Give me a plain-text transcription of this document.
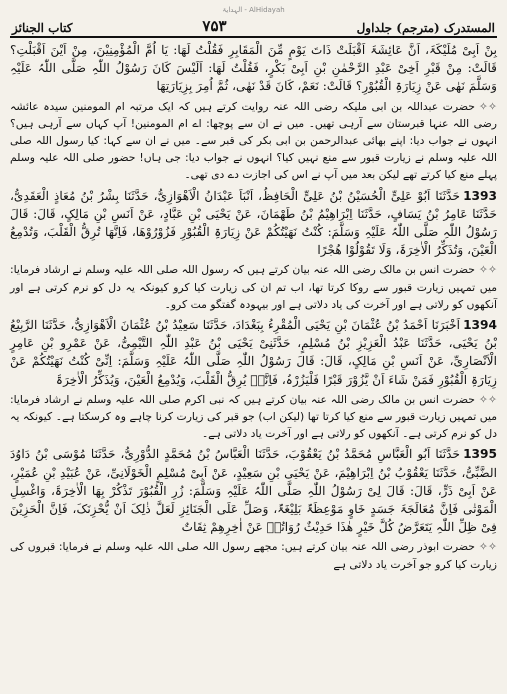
الہدایۃ - AlHidayah
کتاب الجنائز	۷۵۳	المستدرک (مترجم) جلداول

بِنْ اَبِیْ مُلَیْکَۃَ، اَنَّ عَائِشَۃَ اَقْبَلَتْ ذَاتَ یَوْمٍ مِّنَ الْمَقَابِرِ فَقُلْتُ لَھَا: یَا اُمَّ الْمُؤْمِنِیْنَ، مِنْ اَیْنَ اَقْبَلْتِ؟ قَالَتْ: مِنْ قَبْرِ اَخِیْ عَبْدِ الرَّحْمٰنِ بْنِ اَبِیْ بَکْرٍ، فَقُلْتُ لَھَا: اَلَیْسَ کَانَ رَسُوْلُ اللّٰہِ صَلَّی اللّٰہُ عَلَیْہِ وَسَلَّمَ نَھٰی عَنْ زِیَارَۃِ الْقُبُوْرِ؟ قَالَتْ: نَعَمْ، کَانَ قَدْ نَھٰی، ثُمَّ اُمِرَ بِزِیَارَتِھَا

✧✧حضرت عبداللہ بن ابی ملیکہ رضی اللہ عنہ روایت کرتے ہیں کہ ایک مرتبہ ام المومنین سیدہ عائشہ رضی اللہ عنہا قبرستان سے آرہی تھیں۔ میں نے ان سے پوچھا: اے ام المومنین! آپ کہاں سے آرہی ہیں؟ انہوں نے جواب دیا: اپنے بھائی عبدالرحمن بن ابی بکر کی قبر سے۔ میں نے ان سے کہا: کیا رسول اللہ صلی اللہ علیہ وسلم نے زیارت قبور سے منع نہیں کیا؟ انہوں نے جواب دیا: جی ہاں! حضور صلی اللہ علیہ وسلم پہلے منع کیا کرتے تھے لیکن بعد میں آپ نے اس کی اجازت دے دی تھی۔

1393حَدَّثَنَا اَبُوْ عَلِیٍّ الْحُسَیْنُ بْنُ عَلِیٍّ الْحَافِظُ، اَنْبَاَ عَبْدَانُ الْاَھْوَازِیُّ، حَدَّثَنَا بِشْرُ بْنُ مُعَاذٍ الْعَقَدِیُّ، حَدَّثَنَا عَامِرُ بْنُ یَسَافٍ، حَدَّثَنَا اِبْرَاھِیْمُ بْنُ طَھْمَانَ، عَنْ یَحْیَی بْنِ عَبَّادٍ، عَنْ اَنَسِ بْنِ مَالِکٍ، قَالَ: قَالَ رَسُوْلُ اللّٰہِ صَلَّی اللّٰہُ عَلَیْہِ وَسَلَّمَ: کُنْتُ نَھَیْتُکُمْ عَنْ زِیَارَۃِ الْقُبُوْرِ فَزُوْرُوْھَا، فَاِنَّھَا تُرِقُّ الْقَلْبَ، وَتُدْمِعُ الْعَیْنَ، وَتُذَکِّرُ الْاٰخِرَۃَ، وَلَا تَقُوْلُوْا ھُجْرًا

✧✧حضرت انس بن مالک رضی اللہ عنہ بیان کرتے ہیں کہ رسول اللہ صلی اللہ علیہ وسلم نے ارشاد فرمایا: میں تمہیں زیارت قبور سے روکا کرتا تھا، اب تم ان کی زیارت کیا کرو کیونکہ یہ دل کو نرم کرتی ہے اور آنکھوں کو رلاتی ہے اور آخرت کی یاد دلاتی ہے اور بیہودہ گفتگو مت کرو۔

1394اَخْبَرَنَا اَحْمَدُ بْنُ عُثْمَانَ بْنِ یَحْیَی الْمُقْرِءُ بِبَغْدَادَ، حَدَّثَنَا سَعِیْدُ بْنُ عُثْمَانَ الْاَھْوَازِیُّ، حَدَّثَنَا الرَّبِیْعُ بْنُ یَحْیَی، حَدَّثَنَا عَبْدُ الْعَزِیْزِ بْنُ مُسْلِمٍ، حَدَّثَنِیْ یَحْیَی بْنُ عَبْدِ اللّٰہِ التَّیْمِیُّ، عَنْ عَمْرِو بْنِ عَامِرٍ الْاَنْصَارِیِّ، عَنْ اَنَسِ بْنِ مَالِکٍ، قَالَ: قَالَ رَسُوْلُ اللّٰہِ صَلَّی اللّٰہُ عَلَیْہِ وَسَلَّمَ: اِنِّیْ کُنْتُ نَھَیْتُکُمْ عَنْ زِیَارَۃِ الْقُبُوْرِ فَمَنْ شَاءَ اَنْ یَّزُوْرَ قَبْرًا فَلْیَزُرْہُ، فَاِنَّہٗ یُرِقُّ الْقَلْبَ، وَیُدْمِعُ الْعَیْنَ، وَیُذَکِّرُ الْاٰخِرَۃَ

✧✧حضرت انس بن مالک رضی اللہ عنہ بیان کرتے ہیں کہ نبی اکرم صلی اللہ علیہ وسلم نے ارشاد فرمایا: میں تمہیں زیارت قبور سے منع کیا کرتا تھا (لیکن اب) جو قبر کی زیارت کرنا چاہے وہ کرسکتا ہے۔ کیونکہ یہ دل کو نرم کرتی ہے۔ آنکھوں کو رلاتی ہے اور آخرت یاد دلاتی ہے۔

1395حَدَّثَنَا اَبُو الْعَبَّاسِ مُحَمَّدُ بْنُ یَعْقُوْبَ، حَدَّثَنَا الْعَبَّاسُ بْنُ مُحَمَّدٍ الدُّوْرِیُّ، حَدَّثَنَا مُوْسَی بْنُ دَاوُدَ الضَّبِّیُّ، حَدَّثَنَا یَعْقُوْبُ بْنُ اِبْرَاھِیْمَ، عَنْ یَحْیَی بْنِ سَعِیْدٍ، عَنْ اَبِیْ مُسْلِمٍ الْخَوْلَانِیِّ، عَنْ عُبَیْدِ بْنِ عُمَیْرٍ، عَنْ اَبِیْ ذَرٍّ، قَالَ: قَالَ لِیْ رَسُوْلُ اللّٰہِ صَلَّی اللّٰہُ عَلَیْہِ وَسَلَّمَ: زُرِ الْقُبُوْرَ تَذْکُرْ بِھَا الْاٰخِرَۃَ، وَاغْسِلِ الْمَوْتٰی فَاِنَّ مُعَالَجَۃَ جَسَدٍ خَاوٍ مَوْعِظَۃٌ بَلِیْغَۃٌ، وَصَلِّ عَلَی الْجَنَائِزِ لَعَلَّ ذٰلِکَ اَنْ یُّحْزِنَکَ، فَاِنَّ الْحَزِیْنَ فِیْ ظِلِّ اللّٰہِ یَتَعَرَّضُ کُلَّ خَیْرٍ ھٰذَا حَدِیْثٌ رُوَاتُہٗ عَنْ اٰخِرِھِمْ ثِقَاتٌ

✧✧حضرت ابوذر رضی اللہ عنہ بیان کرتے ہیں: مجھے رسول اللہ صلی اللہ علیہ وسلم نے فرمایا: قبروں کی زیارت کیا کرو جو آخرت یاد دلاتی ہے
